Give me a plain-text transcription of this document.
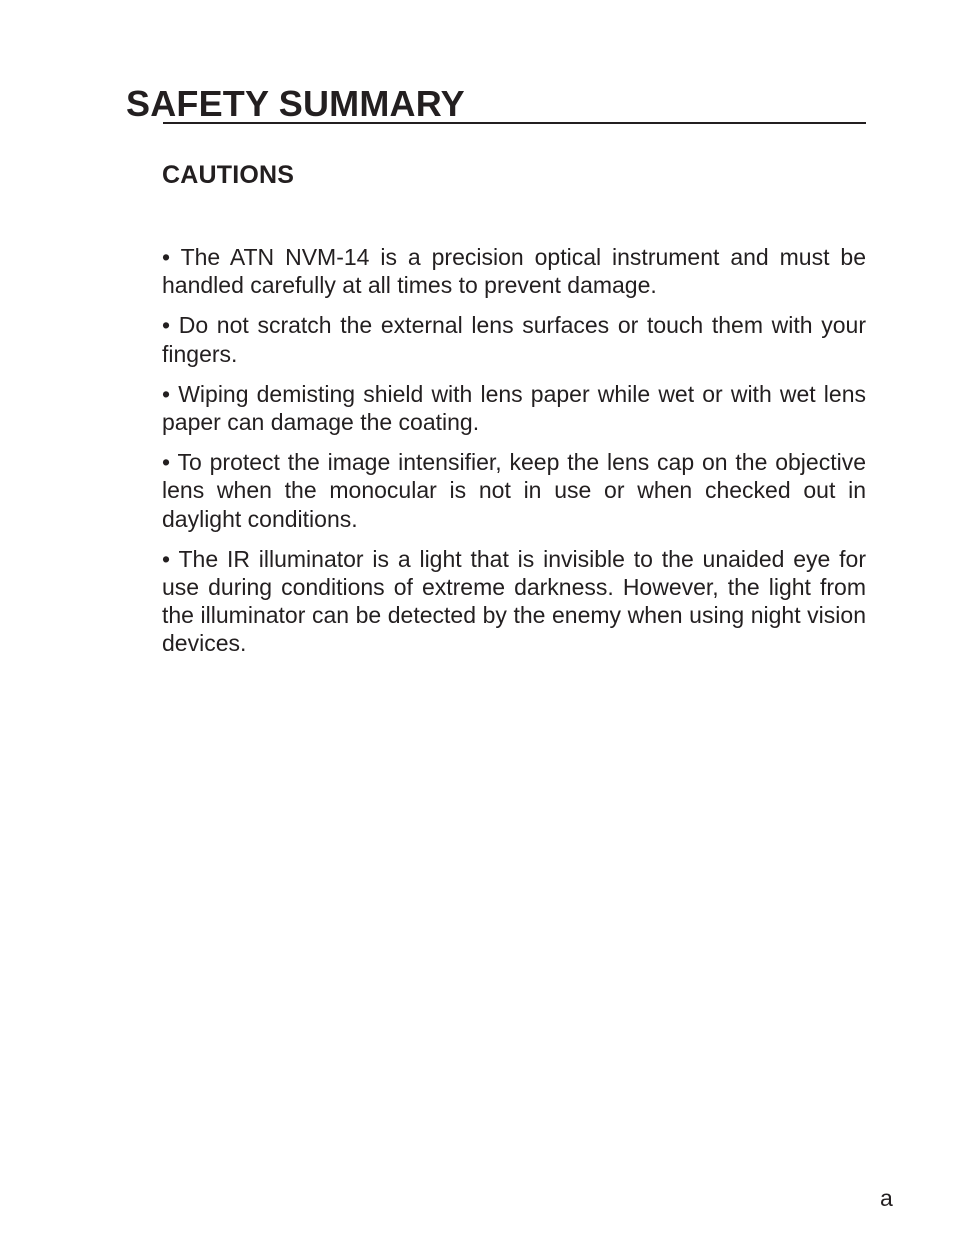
SAFETY SUMMARY
CAUTIONS
• The ATN NVM-14 is a precision optical instrument and must be handled carefully at all times to prevent damage.
• Do not scratch the external lens surfaces or touch them with your fingers.
• Wiping demisting shield with lens paper while wet or with wet lens paper can damage the coating.
• To protect the image intensifier, keep the lens cap on the objective lens when the monocular is not in use or when checked out in daylight conditions.
• The IR illuminator is a light that is invisible to the unaided eye for use during conditions of extreme darkness. However, the light from the illuminator can be detected by the enemy when using night vision devices.
a
